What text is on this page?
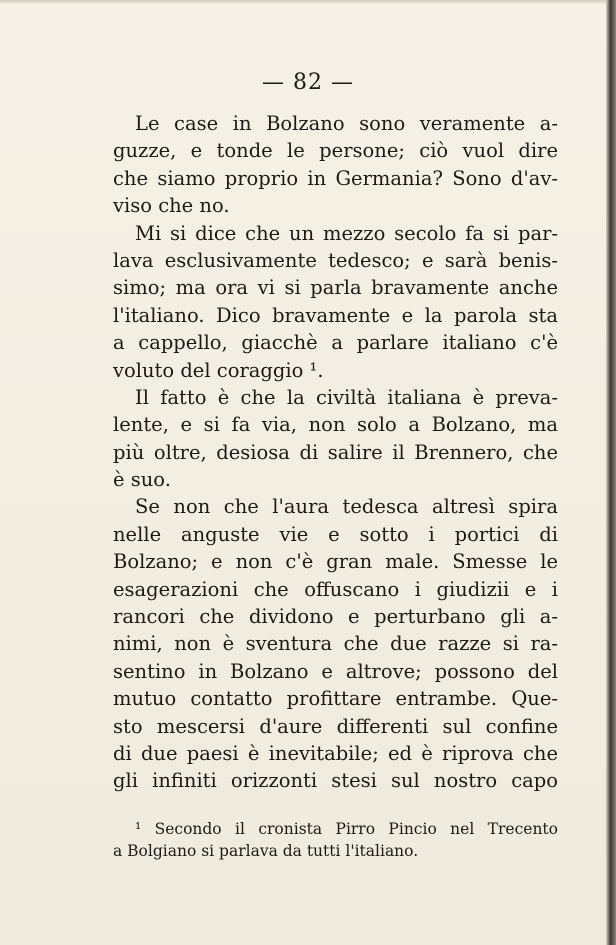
— 82 —
Le case in Bolzano sono veramente a-
guzze, e tonde le persone; ciò vuol dire
che siamo proprio in Germania? Sono d'av-
viso che no.
Mi si dice che un mezzo secolo fa si par-
lava esclusivamente tedesco; e sarà benis-
simo; ma ora vi si parla bravamente anche
l'italiano. Dico bravamente e la parola sta
a cappello, giacchè a parlare italiano c'è
voluto del coraggio ¹.
Il fatto è che la civiltà italiana è preva-
lente, e si fa via, non solo a Bolzano, ma
più oltre, desiosa di salire il Brennero, che
è suo.
Se non che l'aura tedesca altresì spira
nelle anguste vie e sotto i portici di
Bolzano; e non c'è gran male. Smesse le
esagerazioni che offuscano i giudizii e i
rancori che dividono e perturbano gli a-
nimi, non è sventura che due razze si ra-
sentino in Bolzano e altrove; possono del
mutuo contatto profittare entrambe. Que-
sto mescersi d'aure differenti sul confine
di due paesi è inevitabile; ed è riprova che
gli infiniti orizzonti stesi sul nostro capo
¹ Secondo il cronista Pirro Pincio nel Trecento
a Bolgiano si parlava da tutti l'italiano.
